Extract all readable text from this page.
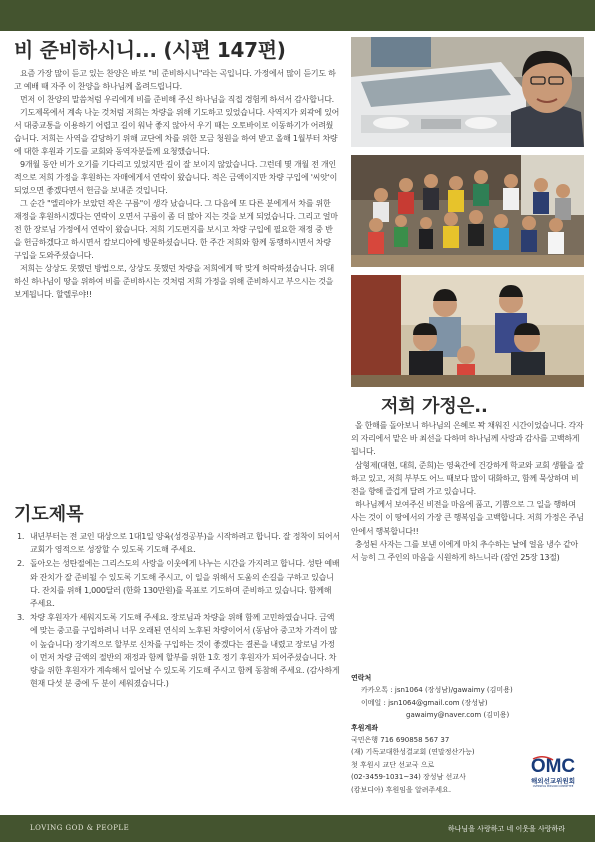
비 준비하시니... (시편 147편)

요즘 가장 많이 듣고 있는 찬양은 바로 "비 준비하시니"라는 곡입니다. 가정에서 많이 듣기도 하고 예배 때 자주 이 찬양을 하나님께 올려드립니다.

먼저 이 찬양의 말씀처럼 우리에게 비를 준비해 주신 하나님을 직접 경험케 하셔서 감사합니다.

기도제목에서 계속 나눈 것처럼 저희는 차량을 위해 기도하고 있었습니다. 사역지가 외곽에 있어서 대중교통을 이용하기 어렵고 길이 워낙 좋지 않아서 우기 때는 오토바이로 이동하기가 어려웠습니다. 저희는 사역을 감당하기 위해 교단에 차를 위한 모금 청원을 하여 받고 올해 1월부터 차량에 대한 후원과 기도를 교회와 동역자분들께 요청했습니다.

9개월 동안 비가 오기를 기다리고 있었지만 길이 잘 보이지 않았습니다. 그런데 몇 개월 전 개인적으로 저희 가정을 후원하는 자매에게서 연락이 왔습니다. 적은 금액이지만 차량 구입에 '씨앗'이 되었으면 좋겠다면서 헌금을 보내준 것입니다.

그 순간 "엘리야가 보았던 작은 구름"이 생각 났습니다. 그 다음에 또 다른 분에게서 차를 위한 재정을 후원하시겠다는 연락이 오면서 구름이 좀 더 많아 지는 것을 보게 되었습니다. 그리고 얼마전 한 장로님 가정에서 연락이 왔습니다. 저희 기도편지를 보시고 차량 구입에 필요한 재정 중 반을 헌금하겠다고 하시면서 캄보디아에 방문하셨습니다. 한 주간 저희와 함께 동행하시면서 차량 구입을 도와주셨습니다.

저희는 상상도 못했던 방법으로, 상상도 못했던 차량을 저희에게 딱 맞게 허락하셨습니다. 위대하신 하나님이 땅을 위하여 비를 준비하시는 것처럼 저희 가정을 위해 준비하시고 부으시는 것을 보게됩니다. 할렐루야!!

기도제목
1. 내년부터는 전 교인 대상으로 1대1일 양육(성경공부)을 시작하려고 합니다. 잘 정착이 되어서 교회가 영적으로 성장할 수 있도록 기도해 주세요.
2. 돌아오는 성탄절에는 그리스도의 사랑을 이웃에게 나누는 시간을 가지려고 합니다. 성탄 예배와 잔치가 잘 준비될 수 있도록 기도해 주시고, 이 일을 위해서 도움의 손길을 구하고 있습니다. 잔치를 위해 1,000달러 (한화 130만원)를 목표로 기도하며 준비하고 있습니다. 함께해 주세요.
3. 차량 후원자가 세워지도록 기도해 주세요. 장로님과 차량을 위해 함께 고민하였습니다. 금액에 맞는 중고를 구입하려니 너무 오래된 연식의 노후된 차량이어서 (동남아 중고차 가격이 많이 높습니다) 장기적으로 할부로 신차를 구입하는 것이 좋겠다는 결론을 내렸고 장로님 가정이 먼저 차량 금액의 절반의 재정과 함께 할부를 위한 1호 정기 후원자가 되어주셨습니다. 차량을 위한 후원자가 계속해서 일어날 수 있도록 기도해 주시고 함께 동참해 주세요. (감사하게 현재 다섯 분 중에 두 분이 세워졌습니다.)
저희 가정은..

올 한해를 돌아보니 하나님의 은혜로 꽉 채워진 시간이었습니다. 각자의 자리에서 맡은 바 최선을 다하며 하나님께 사랑과 감사를 고백하게 됩니다.

삼형제(대현, 대희, 준희)는 영육간에 건강하게 학교와 교회 생활을 잘 하고 있고, 저희 부부도 어느 때보다 많이 대화하고, 함께 묵상하며 비전을 향해 즐겁게 달려 가고 있습니다.

하나님께서 보여주신 비전을 마음에 품고, 기쁨으로 그 일을 행하며 사는 것이 이 땅에서의 가장 큰 행복임을 고백합니다. 저희 가정은 주님 안에서 행복합니다!!

충성된 사자는 그를 보낸 이에게 마치 추수하는 날에 얼음 냉수 같아서 능히 그 주인의 마음을 시원하게 하느니라 (잠언 25장 13절)

연락처
카카오톡 : jsn1064 (장성남)/gawaimy (김미용)
이메일 : jsn1064@gmail.com (장성남)
gawaimy@naver.com (김미용)
후원계좌
국민은행 716 690858 567 37
(재) 기독교대한성결교회 (연말정산가능)
첫 후원시 교단 선교국 으로
(02-3459-1031~34) 장성남 선교사
(캄보디아) 후원임을 알려주세요.
OMC
해외선교위원회
OVERSEAS MISSION COMMITTEE
LOVING GOD & PEOPLE	하나님을 사랑하고 네 이웃을 사랑하라
